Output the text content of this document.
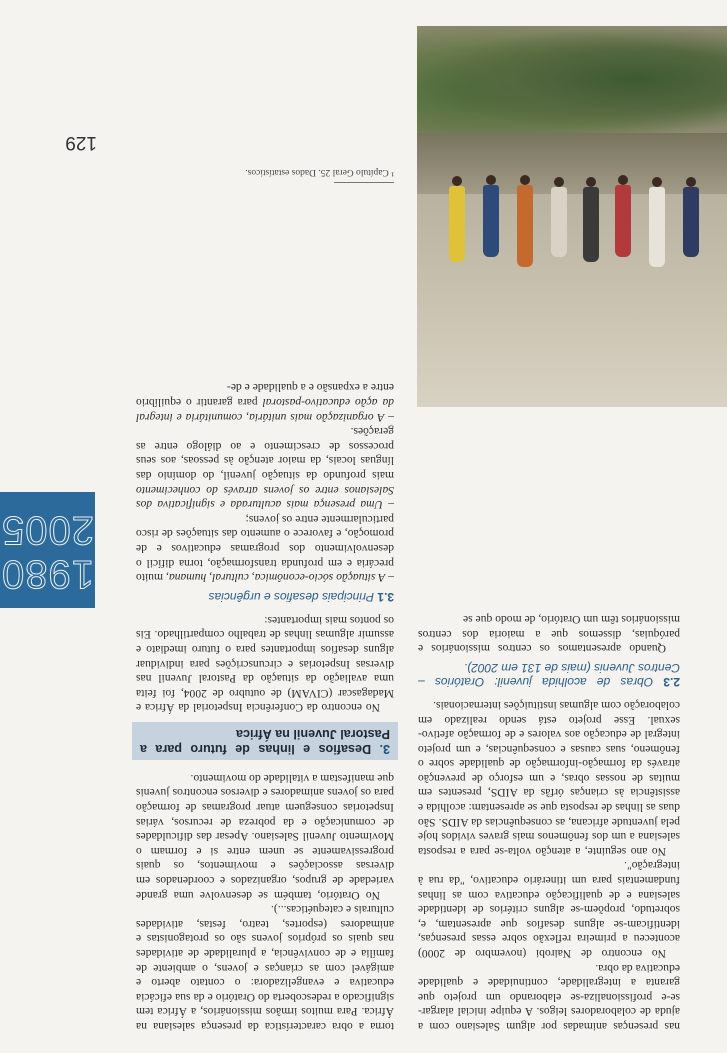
nas presenças animadas por algum Salesiano com a ajuda de colaboradores leigos. A equipe inicial alargar-se-e profissionaliza-se elaborando um projeto que garanta a integralidade, continuidade e qualidade educativa da obra.

No encontro de Nairobi (novembro de 2000) aconteceu a primeira reflexão sobre essas presenças, identificam-se alguns desafios que apresentam, e, sobretudo, propõem-se alguns critérios de identidade salesiana e de qualificação educativa com as linhas fundamentais para um itinerário educativo, "da rua à integração".

No ano seguinte, a atenção volta-se para a resposta salesiana a um dos fenômenos mais graves vividos hoje pela juventude africana, as consequências da AIDS. São duas as linhas de resposta que se apresentam: acolhida e assistência às crianças órfãs da AIDS, presentes em muitas de nossas obras, e um esforço de prevenção através da formação-informação de qualidade sobre o fenômeno, suas causas e consequências, e um projeto integral de educação aos valores e de formação afetivo-sexual. Esse projeto está sendo realizado em colaboração com algumas instituições internacionais.

2.3 Obras de acolhida juvenil: Oratórios – Centros Juvenis (mais de 131 em 2002).

Quando apresentamos os centros missionários e paróquias, dissemos que a maioria dos centros missionários têm um Oratório, de modo que se

torna a obra característica da presença salesiana na África. Para muitos irmãos missionários, a África tem significado a redescoberta do Oratório e da sua eficácia educativa e evangelizadora: o contato aberto e amigável com as crianças e jovens, o ambiente de família e de convivência, a pluralidade de atividades nas quais os próprios jovens são os protagonistas e animadores (esportes, teatro, festas, atividades culturais e catequéticas...).

No Oratório, também se desenvolve uma grande variedade de grupos, organizados e coordenados em diversas associações e movimentos, os quais progressivamente se unem entre si e formam o Movimento Juvenil Salesiano. Apesar das dificuldades de comunicação e da pobreza de recursos, várias Inspetorias conseguem atuar programas de formação para os jovens animadores e diversos encontros juvenis que manifestam a vitalidade do movimento.

3. Desafios e linhas de futuro para a Pastoral Juvenil na África

No encontro da Conferência Inspetorial da África e Madagascar (CIVAM) de outubro de 2004, foi feita uma avaliação da situação da Pastoral Juvenil nas diversas Inspetorias e circunscrições para individuar alguns desafios importantes para o futuro imediato e assumir algumas linhas de trabalho compartilhado. Eis os pontos mais importantes:

3.1 Principais desafios e urgências

– A situação sócio-econômica, cultural, humana, muito precária e em profunda transformação, torna difícil o desenvolvimento dos programas educativos e de promoção, e favorece o aumento das situações de risco particularmente entre os jovens;

– Uma presença mais aculturada e significativa dos Salesianos entre os jovens através do conhecimento mais profundo da situação juvenil, do domínio das línguas locais, da maior atenção às pessoas, aos seus processos de crescimento e ao diálogo entre as gerações.

– A organização mais unitária, comunitária e integral da ação educativo-pastoral para garantir o equilíbrio entre a expansão e a qualidade e de-

¹ Capítulo Geral 25. Dados estatísticos.
1980
2005
129
